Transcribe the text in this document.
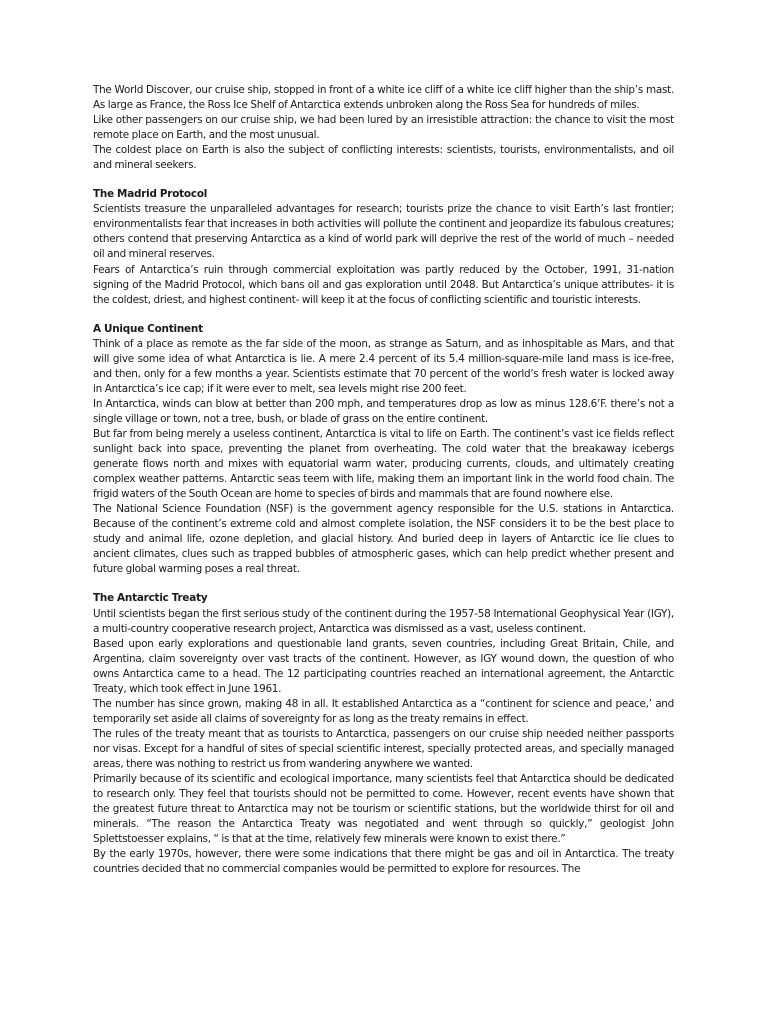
The World Discover, our cruise ship, stopped in front of a white ice cliff of a white ice cliff higher than the ship’s mast. As large as France, the Ross Ice Shelf of Antarctica extends unbroken along the Ross Sea for hundreds of miles.

Like other passengers on our cruise ship, we had been lured by an irresistible attraction: the chance to visit the most remote place on Earth, and the most unusual.

The coldest place on Earth is also the subject of conflicting interests: scientists, tourists, environmentalists, and oil and mineral seekers.

The Madrid Protocol

Scientists treasure the unparalleled advantages for research; tourists prize the chance to visit Earth’s last frontier; environmentalists fear that increases in both activities will pollute the continent and jeopardize its fabulous creatures; others contend that preserving Antarctica as a kind of world park will deprive the rest of the world of much – needed oil and mineral reserves.

Fears of Antarctica’s ruin through commercial exploitation was partly reduced by the October, 1991, 31-nation signing of the Madrid Protocol, which bans oil and gas exploration until 2048. But Antarctica’s unique attributes- it is the coldest, driest, and highest continent- will keep it at the focus of conflicting scientific and touristic interests.

A Unique Continent

Think of a place as remote as the far side of the moon, as strange as Saturn, and as inhospitable as Mars, and that will give some idea of what Antarctica is lie. A mere 2.4 percent of its 5.4 million-square-mile land mass is ice-free, and then, only for a few months a year. Scientists estimate that 70 percent of the world’s fresh water is locked away in Antarctica’s ice cap; if it were ever to melt, sea levels might rise 200 feet.

In Antarctica, winds can blow at better than 200 mph, and temperatures drop as low as minus 128.6’F. there’s not a single village or town, not a tree, bush, or blade of grass on the entire continent.

But far from being merely a useless continent, Antarctica is vital to life on Earth. The continent’s vast ice fields reflect sunlight back into space, preventing the planet from overheating. The cold water that the breakaway icebergs generate flows north and mixes with equatorial warm water, producing currents, clouds, and ultimately creating complex weather patterns. Antarctic seas teem with life, making them an important link in the world food chain. The frigid waters of the South Ocean are home to species of birds and mammals that are found nowhere else.

The National Science Foundation (NSF) is the government agency responsible for the U.S. stations in Antarctica. Because of the continent’s extreme cold and almost complete isolation, the NSF considers it to be the best place to study and animal life, ozone depletion, and glacial history. And buried deep in layers of Antarctic ice lie clues to ancient climates, clues such as trapped bubbles of atmospheric gases, which can help predict whether present and future global warming poses a real threat.

The Antarctic Treaty

Until scientists began the first serious study of the continent during the 1957-58 International Geophysical Year (IGY), a multi-country cooperative research project, Antarctica was dismissed as a vast, useless continent.

Based upon early explorations and questionable land grants, seven countries, including Great Britain, Chile, and Argentina, claim sovereignty over vast tracts of the continent. However, as IGY wound down, the question of who owns Antarctica came to a head. The 12 participating countries reached an international agreement, the Antarctic Treaty, which took effect in June 1961.

The number has since grown, making 48 in all. It established Antarctica as a “continent for science and peace,’ and temporarily set aside all claims of sovereignty for as long as the treaty remains in effect.

The rules of the treaty meant that as tourists to Antarctica, passengers on our cruise ship needed neither passports nor visas. Except for a handful of sites of special scientific interest, specially protected areas, and specially managed areas, there was nothing to restrict us from wandering anywhere we wanted.

Primarily because of its scientific and ecological importance, many scientists feel that Antarctica should be dedicated to research only. They feel that tourists should not be permitted to come. However, recent events have shown that the greatest future threat to Antarctica may not be tourism or scientific stations, but the worldwide thirst for oil and minerals. “The reason the Antarctica Treaty was negotiated and went through so quickly,” geologist John Splettstoesser explains, “ is that at the time, relatively few minerals were known to exist there.”

By the early 1970s, however, there were some indications that there might be gas and oil in Antarctica. The treaty countries decided that no commercial companies would be permitted to explore for resources. The
